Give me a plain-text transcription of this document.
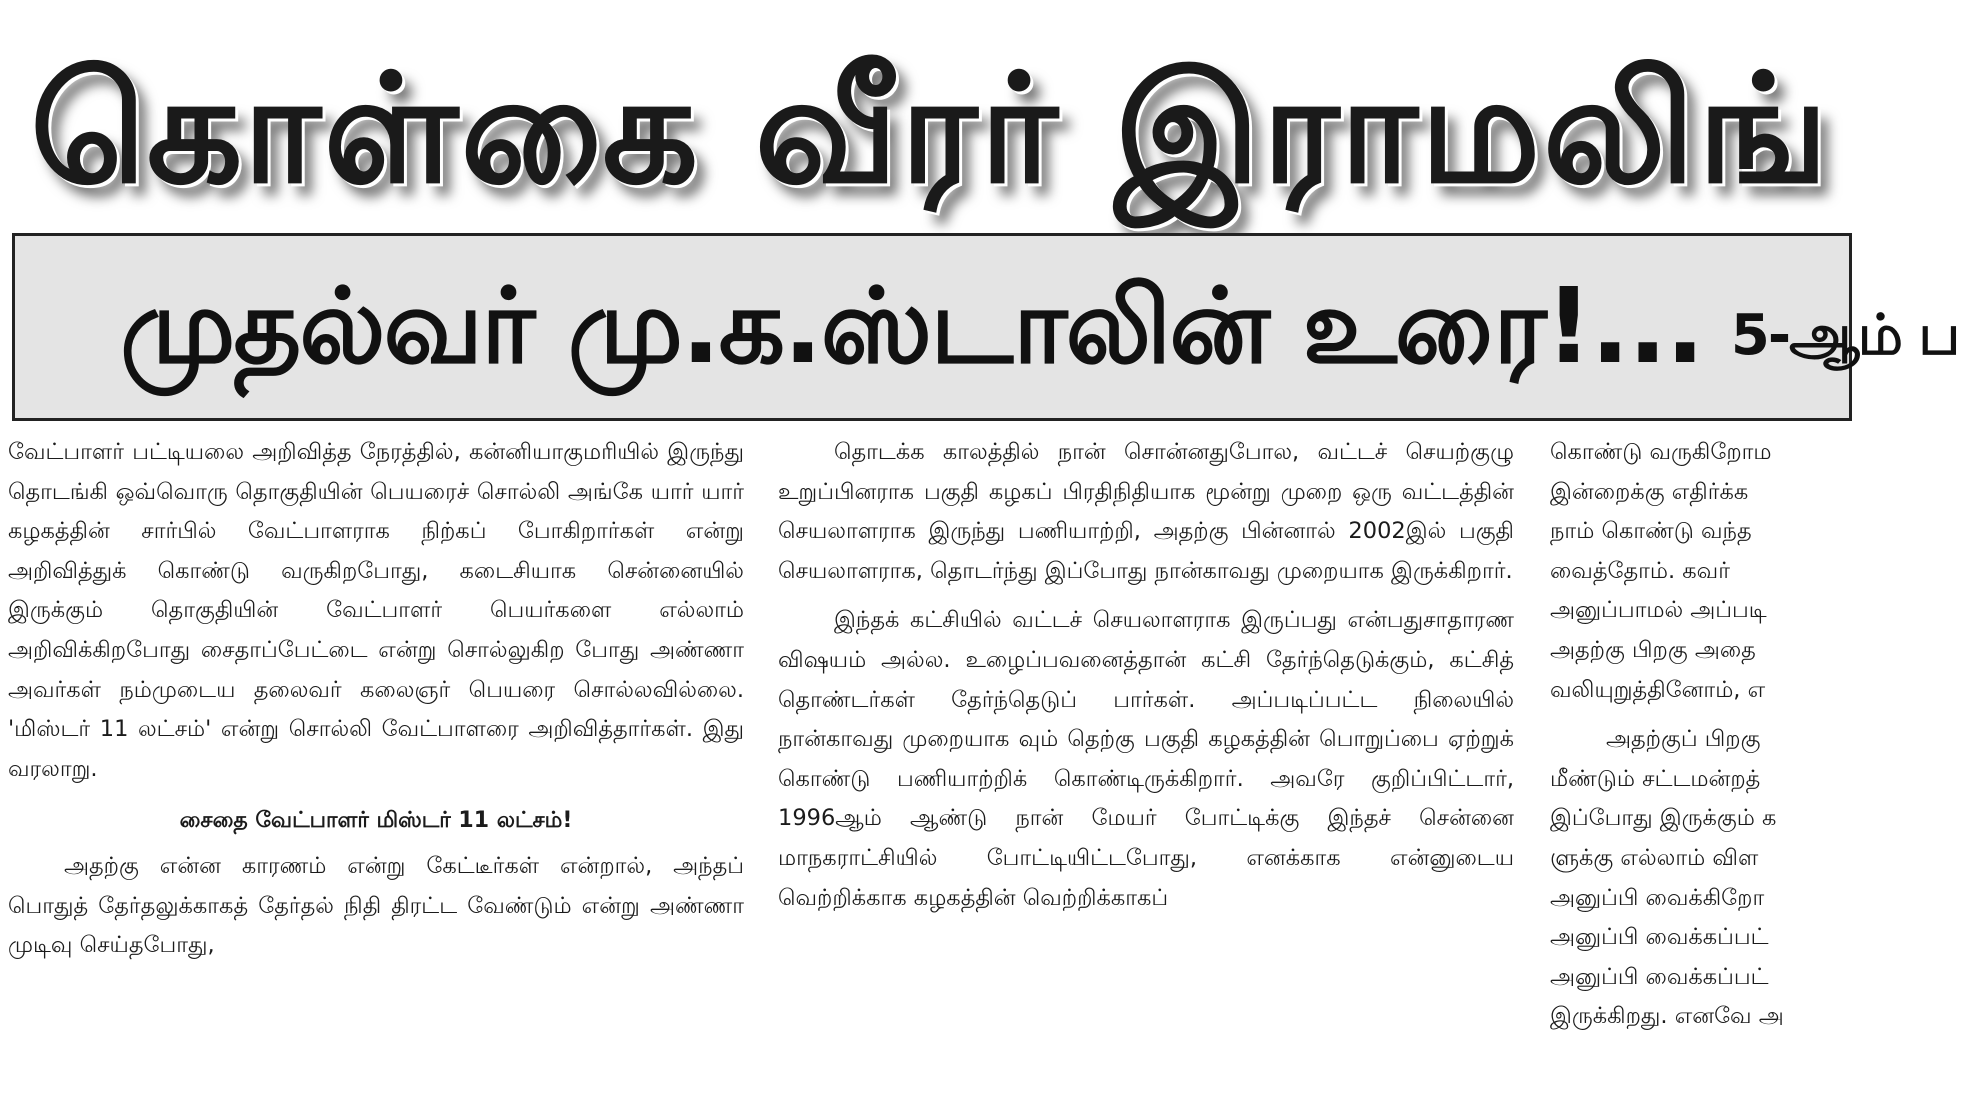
கொள்கை வீரர் இராமலிங்
முதல்வர் மு.க.ஸ்டாலின் உரை!... 5-ஆம் ப

வேட்பாளர் பட்டியலை அறிவித்த நேரத்தில், கன்னியாகுமரியில் இருந்து தொடங்கி ஒவ்வொரு தொகுதியின் பெயரைச் சொல்லி அங்கே யார் யார் கழகத்தின் சார்பில் வேட்பாளராக நிற்கப் போகிறார்கள் என்று அறிவித்துக் கொண்டு வருகிறபோது, கடைசியாக சென்னையில் இருக்கும் தொகுதியின் வேட்பாளர் பெயர்களை எல்லாம் அறிவிக்கிறபோது சைதாப்பேட்டை என்று சொல்லுகிற போது அண்ணா அவர்கள் நம்முடைய தலைவர் கலைஞர் பெயரை சொல்லவில்லை. 'மிஸ்டர் 11 லட்சம்' என்று சொல்லி வேட்பாளரை அறிவித்தார்கள். இது வரலாறு.

சைதை வேட்பாளர் மிஸ்டர் 11 லட்சம்!

அதற்கு என்ன காரணம் என்று கேட்டீர்கள் என்றால், அந்தப் பொதுத் தேர்தலுக்காகத் தேர்தல் நிதி திரட்ட வேண்டும் என்று அண்ணா முடிவு செய்தபோது,

தொடக்க காலத்தில் நான் சொன்னதுபோல, வட்டச் செயற்குழு உறுப்பினராக பகுதி கழகப் பிரதிநிதியாக மூன்று முறை ஒரு வட்டத்தின் செயலாளராக இருந்து பணியாற்றி, அதற்கு பின்னால் 2002இல் பகுதி செயலாளராக, தொடர்ந்து இப்போது நான்காவது முறையாக இருக்கிறார்.

இந்தக் கட்சியில் வட்டச் செயலாளராக இருப்பது என்பதுசாதாரண விஷயம் அல்ல. உழைப்பவனைத்தான் கட்சி தேர்ந்தெடுக்கும், கட்சித் தொண்டர்கள் தேர்ந்தெடுப் பார்கள். அப்படிப்பட்ட நிலையில் நான்காவது முறையாக வும் தெற்கு பகுதி கழகத்தின் பொறுப்பை ஏற்றுக் கொண்டு பணியாற்றிக் கொண்டிருக்கிறார். அவரே குறிப்பிட்டார், 1996ஆம் ஆண்டு நான் மேயர் போட்டிக்கு இந்தச் சென்னை மாநகராட்சியில் போட்டியிட்டபோது, எனக்காக என்னுடைய வெற்றிக்காக கழகத்தின் வெற்றிக்காகப்

கொண்டு வருகிறோம

இன்றைக்கு எதிர்க்க

நாம் கொண்டு வந்த

வைத்தோம். கவர்

அனுப்பாமல் அப்படி

அதற்கு பிறகு அதை

வலியுறுத்தினோம், எ

அதற்குப் பிறகு

மீண்டும் சட்டமன்றத்

இப்போது இருக்கும் க

ளுக்கு எல்லாம் விள

அனுப்பி வைக்கிறோ

அனுப்பி வைக்கப்பட்

அனுப்பி வைக்கப்பட்

இருக்கிறது. எனவே அ
